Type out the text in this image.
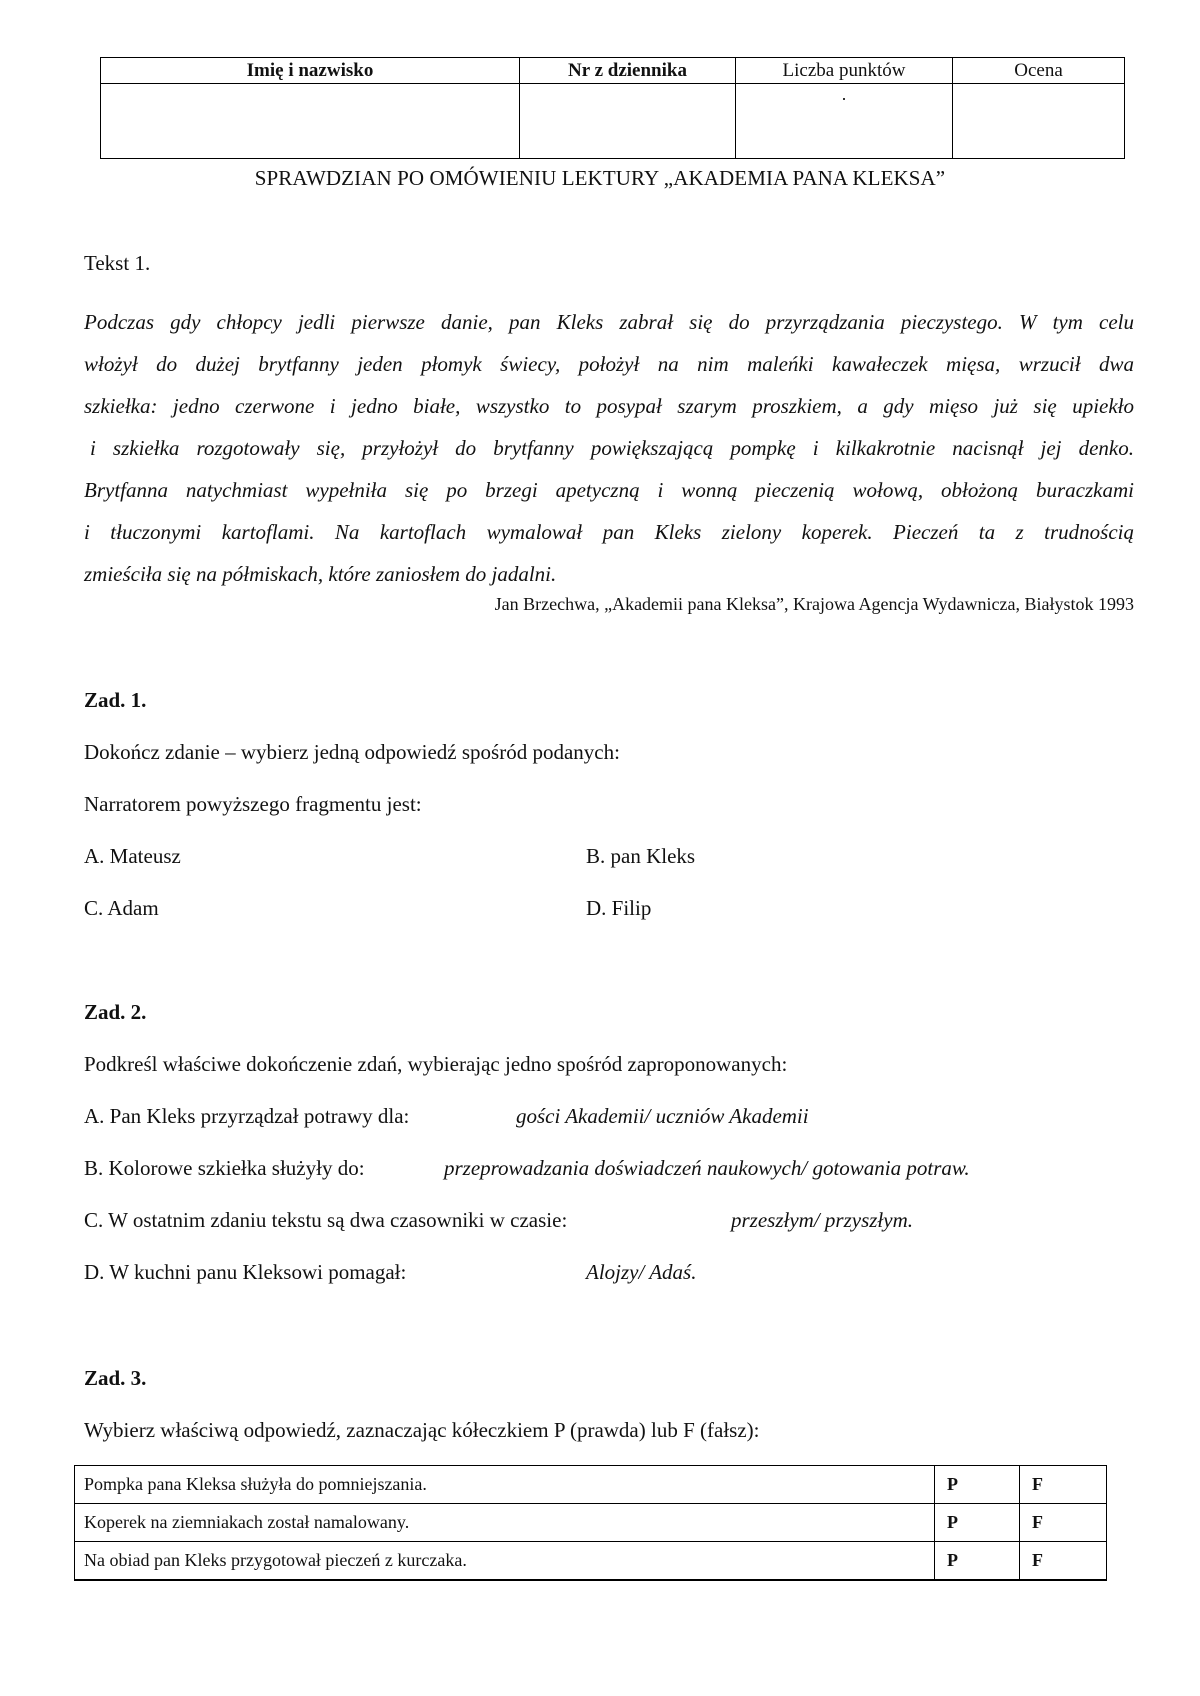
Imię i nazwisko	Nr z dziennika	Liczba punktów	Ocena

SPRAWDZIAN PO OMÓWIENIU LEKTURY „AKADEMIA PANA KLEKSA”
Tekst 1.
Podczas gdy chłopcy jedli pierwsze danie, pan Kleks zabrał się do przyrządzania pieczystego. W tym celu
włożył do dużej brytfanny jeden płomyk świecy, położył na nim maleńki kawałeczek mięsa, wrzucił dwa
szkiełka: jedno czerwone i jedno białe, wszystko to posypał szarym proszkiem, a gdy mięso już się upiekło
i szkiełka rozgotowały się, przyłożył do brytfanny powiększającą pompkę i kilkakrotnie nacisnął jej denko.
Brytfanna natychmiast wypełniła się po brzegi apetyczną i wonną pieczenią wołową, obłożoną buraczkami
i tłuczonymi kartoflami. Na kartoflach wymalował pan Kleks zielony koperek. Pieczeń ta z trudnością
zmieściła się na półmiskach, które zaniosłem do jadalni.
Jan Brzechwa, „Akademii pana Kleksa”, Krajowa Agencja Wydawnicza, Białystok 1993
Zad. 1.
Dokończ zdanie – wybierz jedną odpowiedź spośród podanych:
Narratorem powyższego fragmentu jest:
A. Mateusz	B. pan Kleks
C. Adam	D. Filip
Zad. 2.
Podkreśl właściwe dokończenie zdań, wybierając jedno spośród zaproponowanych:
A. Pan Kleks przyrządzał potrawy dla:	gości Akademii/ uczniów Akademii
B. Kolorowe szkiełka służyły do:	przeprowadzania doświadczeń naukowych/ gotowania potraw.
C. W ostatnim zdaniu tekstu są dwa czasowniki w czasie:	przeszłym/ przyszłym.
D. W kuchni panu Kleksowi pomagał:	Alojzy/ Adaś.
Zad. 3.
Wybierz właściwą odpowiedź, zaznaczając kółeczkiem P (prawda) lub F (fałsz):
Pompka pana Kleksa służyła do pomniejszania.	P	F
Koperek na ziemniakach został namalowany.	P	F
Na obiad pan Kleks przygotował pieczeń z kurczaka.	P	F
